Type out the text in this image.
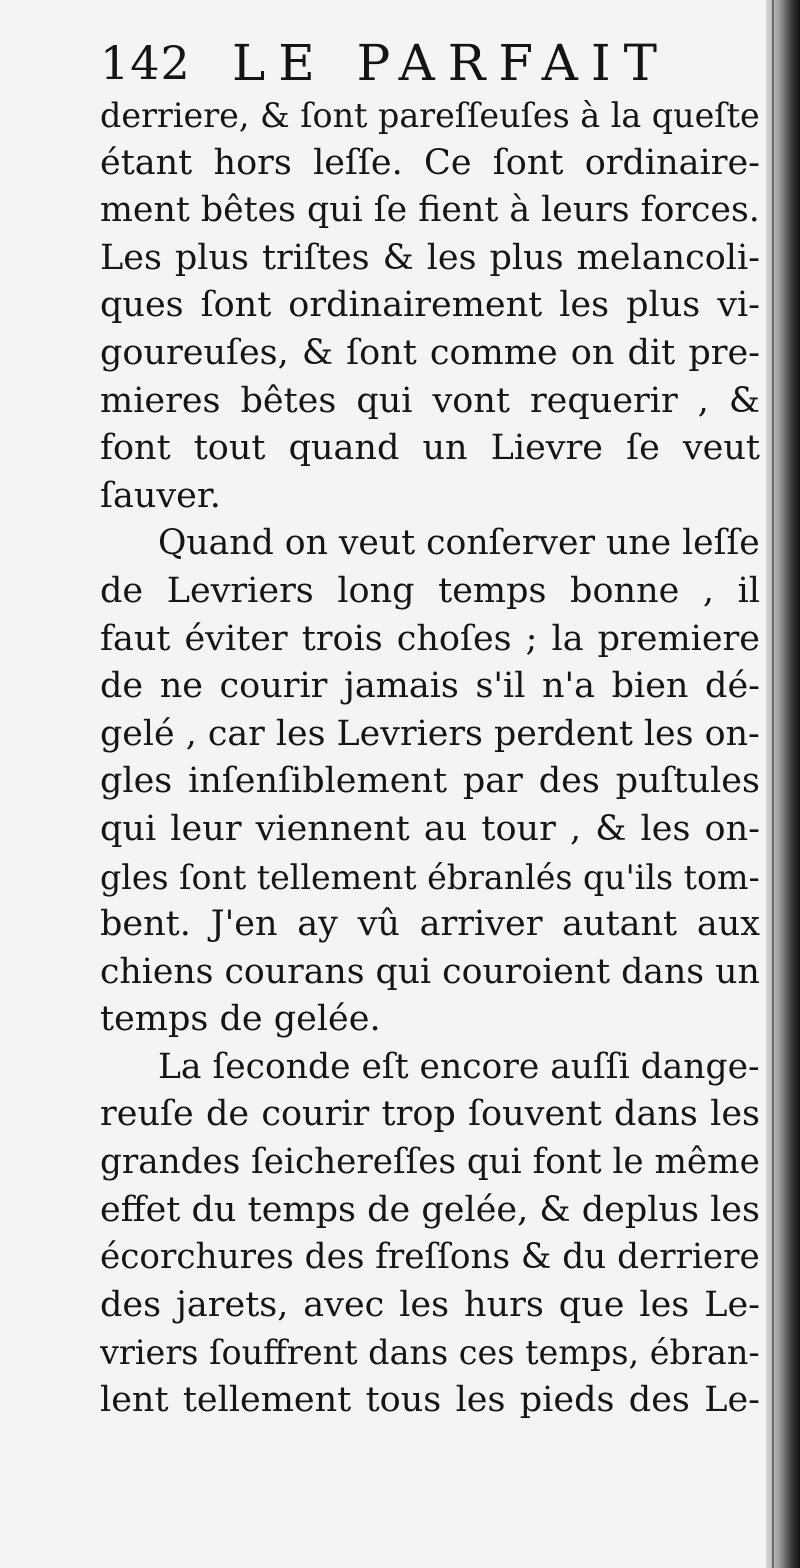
142 LE PARFAIT
derriere, & ſont pareſſeuſes à la queſte
étant hors leſſe. Ce ſont ordinaire-
ment bêtes qui ſe fient à leurs forces.
Les plus triſtes & les plus melancoli-
ques ſont ordinairement les plus vi-
goureuſes, & ſont comme on dit pre-
mieres bêtes qui vont requerir , &
font tout quand un Lievre ſe veut
ſauver.
Quand on veut conſerver une leſſe
de Levriers long temps bonne , il
faut éviter trois choſes ; la premiere
de ne courir jamais s'il n'a bien dé-
gelé , car les Levriers perdent les on-
gles inſenſiblement par des puſtules
qui leur viennent au tour , & les on-
gles ſont tellement ébranlés qu'ils tom-
bent. J'en ay vû arriver autant aux
chiens courans qui couroient dans un
temps de gelée.
La ſeconde eſt encore auſſi dange-
reuſe de courir trop ſouvent dans les
grandes ſeichereſſes qui font le même
effet du temps de gelée, & deplus les
écorchures des freſſons & du derriere
des jarets, avec les hurs que les Le-
vriers ſouffrent dans ces temps, ébran-
lent tellement tous les pieds des Le-
